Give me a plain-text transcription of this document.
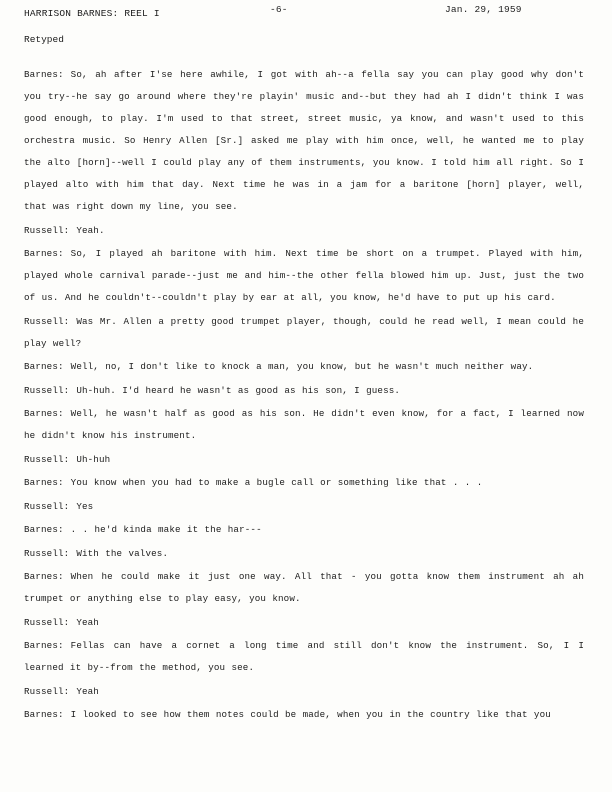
HARRISON BARNES: REEL I	-6-	Jan. 29, 1959
Retyped
Barnes: So, ah after I'se here awhile, I got with ah--a fella say you can play good why don't you try--he say go around where they're playin' music and--but they had ah I didn't think I was good enough, to play. I'm used to that street, street music, ya know, and wasn't used to this orchestra music. So Henry Allen [Sr.] asked me play with him once, well, he wanted me to play the alto [horn]--well I could play any of them instruments, you know. I told him all right. So I played alto with him that day. Next time he was in a jam for a baritone [horn] player, well, that was right down my line, you see.
Russell: Yeah.
Barnes: So, I played ah baritone with him. Next time be short on a trumpet. Played with him, played whole carnival parade--just me and him--the other fella blowed him up. Just, just the two of us. And he couldn't--couldn't play by ear at all, you know, he'd have to put up his card.
Russell: Was Mr. Allen a pretty good trumpet player, though, could he read well, I mean could he play well?
Barnes: Well, no, I don't like to knock a man, you know, but he wasn't much neither way.
Russell: Uh-huh. I'd heard he wasn't as good as his son, I guess.
Barnes: Well, he wasn't half as good as his son. He didn't even know, for a fact, I learned now he didn't know his instrument.
Russell: Uh-huh
Barnes: You know when you had to make a bugle call or something like that . . .
Russell: Yes
Barnes: . . he'd kinda make it the har---
Russell: With the valves.
Barnes: When he could make it just one way. All that - you gotta know them instrument ah ah trumpet or anything else to play easy, you know.
Russell: Yeah
Barnes: Fellas can have a cornet a long time and still don't know the instrument. So, I I learned it by--from the method, you see.
Russell: Yeah
Barnes: I looked to see how them notes could be made, when you in the country like that you
